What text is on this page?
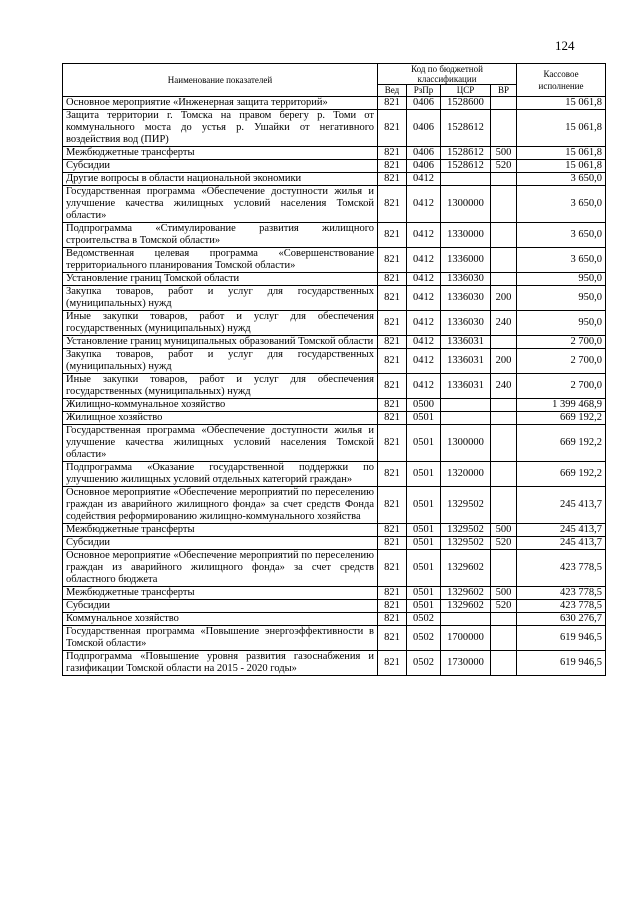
124
Наименование показателей	Код по бюджетной классификации				Кассовое исполнение
	Вед	РзПр	ЦСР	ВР	
Основное мероприятие «Инженерная защита территорий»	821	0406	1528600		15 061,8
Защита территории г. Томска на правом берегу р. Томи от коммунального моста до устья р. Ушайки от негативного воздействия вод (ПИР)	821	0406	1528612		15 061,8
Межбюджетные трансферты	821	0406	1528612	500	15 061,8
Субсидии	821	0406	1528612	520	15 061,8
Другие вопросы в области национальной экономики	821	0412			3 650,0
Государственная программа «Обеспечение доступности жилья и улучшение качества жилищных условий населения Томской области»	821	0412	1300000		3 650,0
Подпрограмма «Стимулирование развития жилищного строительства в Томской области»	821	0412	1330000		3 650,0
Ведомственная целевая программа «Совершенствование территориального планирования Томской области»	821	0412	1336000		3 650,0
Установление границ Томской области	821	0412	1336030		950,0
Закупка товаров, работ и услуг для государственных (муниципальных) нужд	821	0412	1336030	200	950,0
Иные закупки товаров, работ и услуг для обеспечения государственных (муниципальных) нужд	821	0412	1336030	240	950,0
Установление границ муниципальных образований Томской области	821	0412	1336031		2 700,0
Закупка товаров, работ и услуг для государственных (муниципальных) нужд	821	0412	1336031	200	2 700,0
Иные закупки товаров, работ и услуг для обеспечения государственных (муниципальных) нужд	821	0412	1336031	240	2 700,0
Жилищно-коммунальное хозяйство	821	0500			1 399 468,9
Жилищное хозяйство	821	0501			669 192,2
Государственная программа «Обеспечение доступности жилья и улучшение качества жилищных условий населения Томской области»	821	0501	1300000		669 192,2
Подпрограмма «Оказание государственной поддержки по улучшению жилищных условий отдельных категорий граждан»	821	0501	1320000		669 192,2
Основное мероприятие «Обеспечение мероприятий по переселению граждан из аварийного жилищного фонда» за счет средств Фонда содействия реформированию жилищно-коммунального хозяйства	821	0501	1329502		245 413,7
Межбюджетные трансферты	821	0501	1329502	500	245 413,7
Субсидии	821	0501	1329502	520	245 413,7
Основное мероприятие «Обеспечение мероприятий по переселению граждан из аварийного жилищного фонда» за счет средств областного бюджета	821	0501	1329602		423 778,5
Межбюджетные трансферты	821	0501	1329602	500	423 778,5
Субсидии	821	0501	1329602	520	423 778,5
Коммунальное хозяйство	821	0502			630 276,7
Государственная программа «Повышение энергоэффективности в Томской области»	821	0502	1700000		619 946,5
Подпрограмма «Повышение уровня развития газоснабжения и газификации Томской области на 2015 - 2020 годы»	821	0502	1730000		619 946,5
